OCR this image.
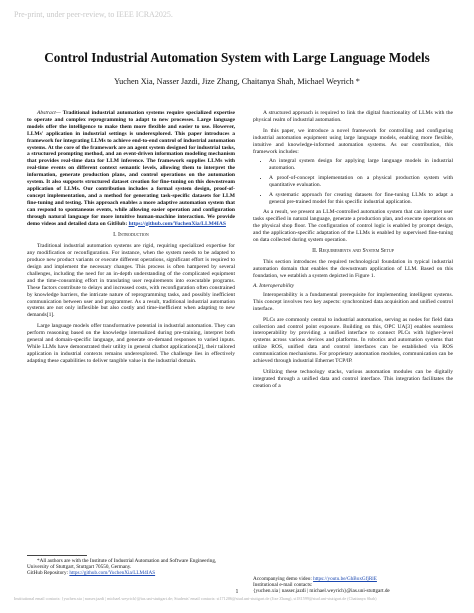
Pre-print, under peer-review, to IEEE ICRA2025.
Control Industrial Automation System with Large Language Models
Yuchen Xia, Nasser Jazdi, Jize Zhang, Chaitanya Shah, Michael Weyrich *

Abstract— Traditional industrial automation systems require specialized expertise to operate and complex reprogramming to adapt to new processes. Large language models offer the intelligence to make them more flexible and easier to use. However, LLMs' application in industrial settings is underexplored. This paper introduces a framework for integrating LLMs to achieve end-to-end control of industrial automation systems. At the core of the framework are an agent system designed for industrial tasks, a structured prompting method, and an event-driven information modeling mechanism that provides real-time data for LLM inference. The framework supplies LLMs with real-time events on different context semantic levels, allowing them to interpret the information, generate production plans, and control operations on the automation system. It also supports structured dataset creation for fine-tuning on this downstream application of LLMs. Our contribution includes a formal system design, proof-of-concept implementation, and a method for generating task-specific datasets for LLM fine-tuning and testing. This approach enables a more adaptive automation system that can respond to spontaneous events, while allowing easier operation and configuration through natural language for more intuitive human-machine interaction. We provide demo videos and detailed data on GitHub: https://github.com/YuchenXia/LLM4IAS

I. Introduction

Traditional industrial automation systems are rigid, requiring specialized expertise for any modification or reconfiguration. For instance, when the system needs to be adapted to produce new product variants or execute different operations, significant effort is required to design and implement the necessary changes. This process is often hampered by several challenges, including the need for an in-depth understanding of the complicated equipment and the time-consuming effort in translating user requirements into executable programs. These factors contribute to delays and increased costs, with reconfiguration often constrained by knowledge barriers, the intricate nature of reprogramming tasks, and possibly inefficient communication between user and programmer. As a result, traditional industrial automation systems are not only inflexible but also costly and time-inefficient when adapting to new demands[1].

Large language models offer transformative potential in industrial automation. They can perform reasoning based on the knowledge internalized during pre-training, interpret both general and domain-specific language, and generate on-demand responses to varied inputs. While LLMs have demonstrated their utility in general chatbot applications[2], their tailored application in industrial contexts remains underexplored. The challenge lies in effectively adapting these capabilities to deliver tangible value in the industrial domain.

A structured approach is required to link the digital functionality of LLMs with the physical realm of industrial automation.

In this paper, we introduce a novel framework for controlling and configuring industrial automation equipment using large language models, enabling more flexible, intuitive and knowledge-informed automation systems. As our contribution, this framework includes:

• An integral system design for applying large language models in industrial automation.
• A proof-of-concept implementation on a physical production system with quantitative evaluation.
• A systematic approach for creating datasets for fine-tuning LLMs to adapt a general pre-trained model for this specific industrial application.

As a result, we present an LLM-controlled automation system that can interpret user tasks specified in natural language, generate a production plan, and execute operations on the physical shop floor. The configuration of control logic is enabled by prompt design, and the application-specific adaptation of the LLMs is enabled by supervised fine-tuning on data collected during system operation.

II. Requirements and System Setup

This section introduces the required technological foundation in typical industrial automation domain that enables the downstream application of LLM. Based on this foundation, we establish a system depicted in Figure 1.

A. Interoperability

Interoperability is a fundamental prerequisite for implementing intelligent systems. This concept involves two key aspects: synchronized data acquisition and unified control interface.

PLCs are commonly central to industrial automation, serving as nodes for field data collection and control point exposure. Building on this, OPC UA[3] enables seamless interoperability by providing a unified interface to connect PLCs with higher-level systems across various devices and platforms. In robotics and automation systems that utilize ROS, unified data and control interfaces can be established via ROS communication mechanisms. For proprietary automation modules, communication can be achieved through industrial Ethernet TCP/IP.

Utilizing these technology stacks, various automation modules can be digitally integrated through a unified data and control interface. This integration facilitates the creation of a

*All authors are with the Institute of Industrial Automation and Software Engineering, University of Stuttgart, Stuttgart 70550, Germany.
GitHub Repository: https://github.com/YuchenXia/LLM4IAS
Accompanying demo video: https://youtu.be/GhBoxGfjRlE
Institutional e-mail contacts:
{yuchen.xia | nasser.jazdi | michael.weyrich}@ias.uni-stuttgart.de
1
Institutional email contacts: {yuchen.xia | nasser.jazdi | michael.weyrich}@ias.uni-stuttgart.de; Students' email contacts: st171206@stud.uni-stuttgart.de (Jize Zhang), st181599@stud.uni-stuttgart.de (Chaitanya Shah)
